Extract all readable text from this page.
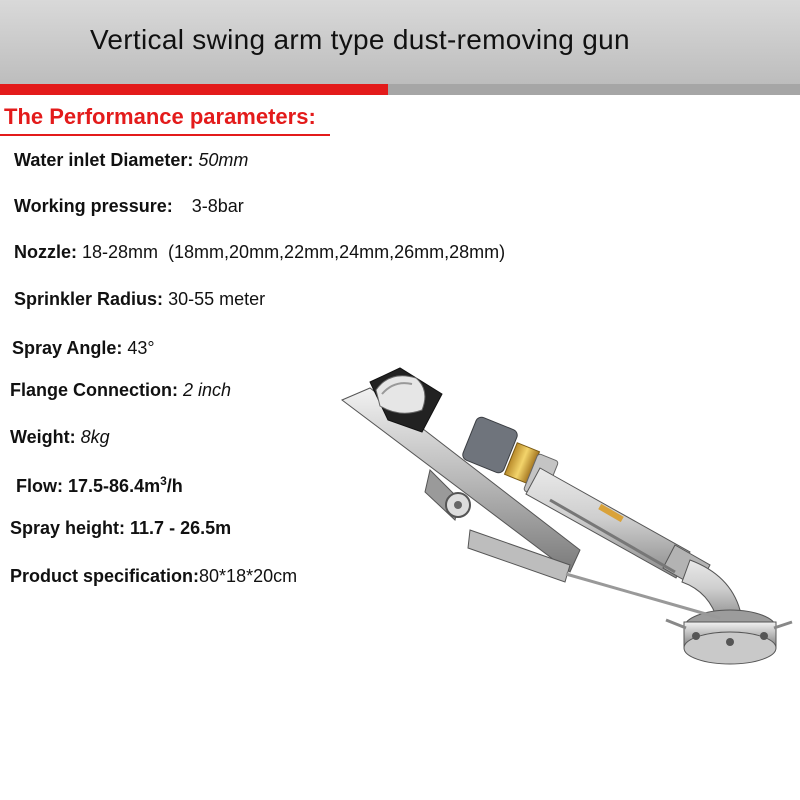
Vertical swing arm type dust-removing gun
The Performance parameters:
Water inlet Diameter: 50mm
Working pressure: 3-8bar
Nozzle: 18-28mm  (18mm,20mm,22mm,24mm,26mm,28mm)
Sprinkler Radius: 30-55 meter
Spray Angle: 43°
Flange Connection: 2 inch
Weight: 8kg
Flow: $17.5-86.4m^3/h$
Spray height: 11.7 - 26.5m
Product specification:80*18*20cm
